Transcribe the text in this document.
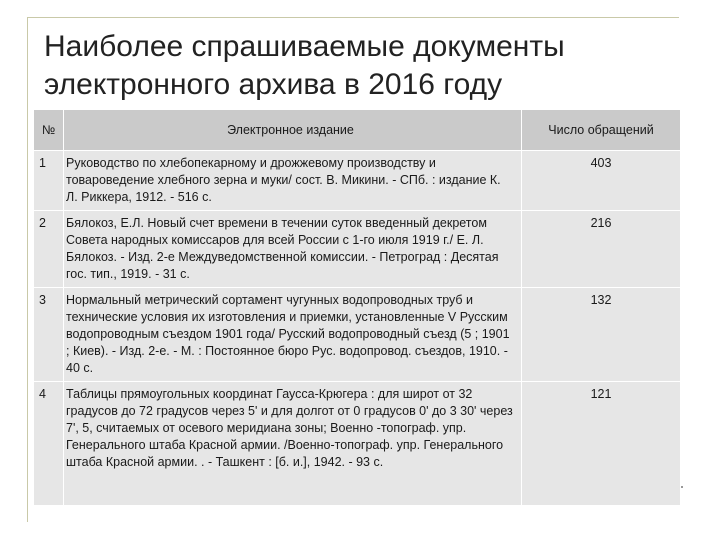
Наиболее спрашиваемые документы
электронного архива в 2016 году
№	Электронное издание	Число обращений
1	Руководство по хлебопекарному и дрожжевому производству и товароведение хлебного зерна и муки/ сост. В. Микини. - СПб. : издание К. Л. Риккера, 1912. - 516 с.	403
2	Бялокоз, Е.Л. Новый счет времени в течении суток введенный декретом Совета народных комиссаров для всей России с 1-го июля 1919 г./ Е. Л. Бялокоз. - Изд. 2-е Междуведомственной комиссии. - Петроград : Десятая гос. тип., 1919. - 31 с.	216
3	Нормальный метрический сортамент чугунных водопроводных труб и технические условия их изготовления и приемки, установленные V Русским водопроводным съездом 1901 года/ Русский водопроводный съезд (5 ; 1901 ; Киев). - Изд. 2-е. - М. : Постоянное бюро Рус. водопровод. съездов, 1910. - 40 с.	132
4	Таблицы прямоугольных координат Гаусса-Крюгера : для широт от 32 градусов до 72 градусов через 5' и для долгот от 0 градусов 0' до 3 30' через 7', 5, считаемых от осевого меридиана зоны; Военно -топограф. упр. Генерального штаба Красной армии. /Военно-топограф. упр. Генерального штаба Красной армии. . - Ташкент : [б. и.], 1942. - 93 с.	121
